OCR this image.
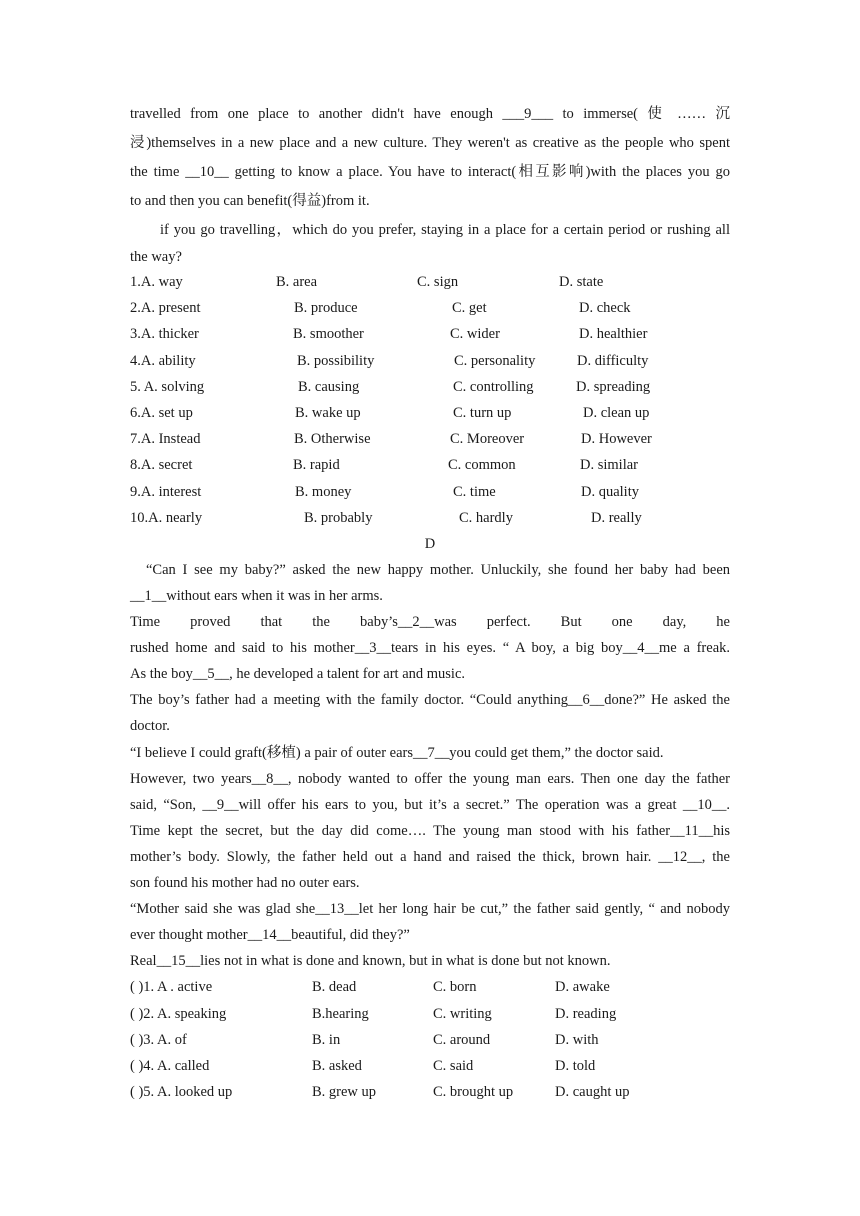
travelled from one place to another didn't have enough ___9___ to immerse( 使 …… 沉
浸)themselves in a new place and a new culture. They weren't as creative as the people who spent
the time __10__ getting to know a place. You have to interact(相互影响)with the places you go
to and then you can benefit(得益)from it.
if you go travelling，which do you prefer, staying in a place for a certain period or rushing all
the way?
1.A. way	B. area	C. sign	D. state
2.A. present	B. produce	C. get	D. check
3.A. thicker	B. smoother	C. wider	D. healthier
4.A. ability	B. possibility	C. personality	D. difficulty
5. A. solving	B. causing	C. controlling	D. spreading
6.A. set up	B. wake up	C. turn up	D. clean up
7.A. Instead	B. Otherwise	C. Moreover	D. However
8.A. secret	B. rapid	C. common	D. similar
9.A. interest	B. money	C. time	D. quality
10.A. nearly	B. probably	C. hardly	D. really
D
“Can I see my baby?” asked the new happy mother. Unluckily, she found her baby had been
__1__without ears when it was in her arms.
Time proved that the baby’s__2__was perfect. But one day, he
rushed home and said to his mother__3__tears in his eyes. “ A boy, a big boy__4__me a freak.
As the boy__5__, he developed a talent for art and music.
The boy’s father had a meeting with the family doctor. “Could anything__6__done?” He asked the
doctor.
“I believe I could graft(移植) a pair of outer ears__7__you could get them,” the doctor said.
However, two years__8__, nobody wanted to offer the young man ears. Then one day the father
said, “Son, __9__will offer his ears to you, but it’s a secret.” The operation was a great __10__.
Time kept the secret, but the day did come…. The young man stood with his father__11__his
mother’s body. Slowly, the father held out a hand and raised the thick, brown hair. __12__, the
son found his mother had no outer ears.
“Mother said she was glad she__13__let her long hair be cut,” the father said gently, “ and nobody
ever thought mother__14__beautiful, did they?”
Real__15__lies not in what is done and known, but in what is done but not known.
( )1. A . active	B. dead	C. born	D. awake
( )2. A. speaking	B.hearing	C. writing	D. reading
( )3. A. of	B. in	C. around	D. with
( )4. A. called	B. asked	C. said	D. told
( )5. A. looked up	B. grew up	C. brought up	D. caught up
